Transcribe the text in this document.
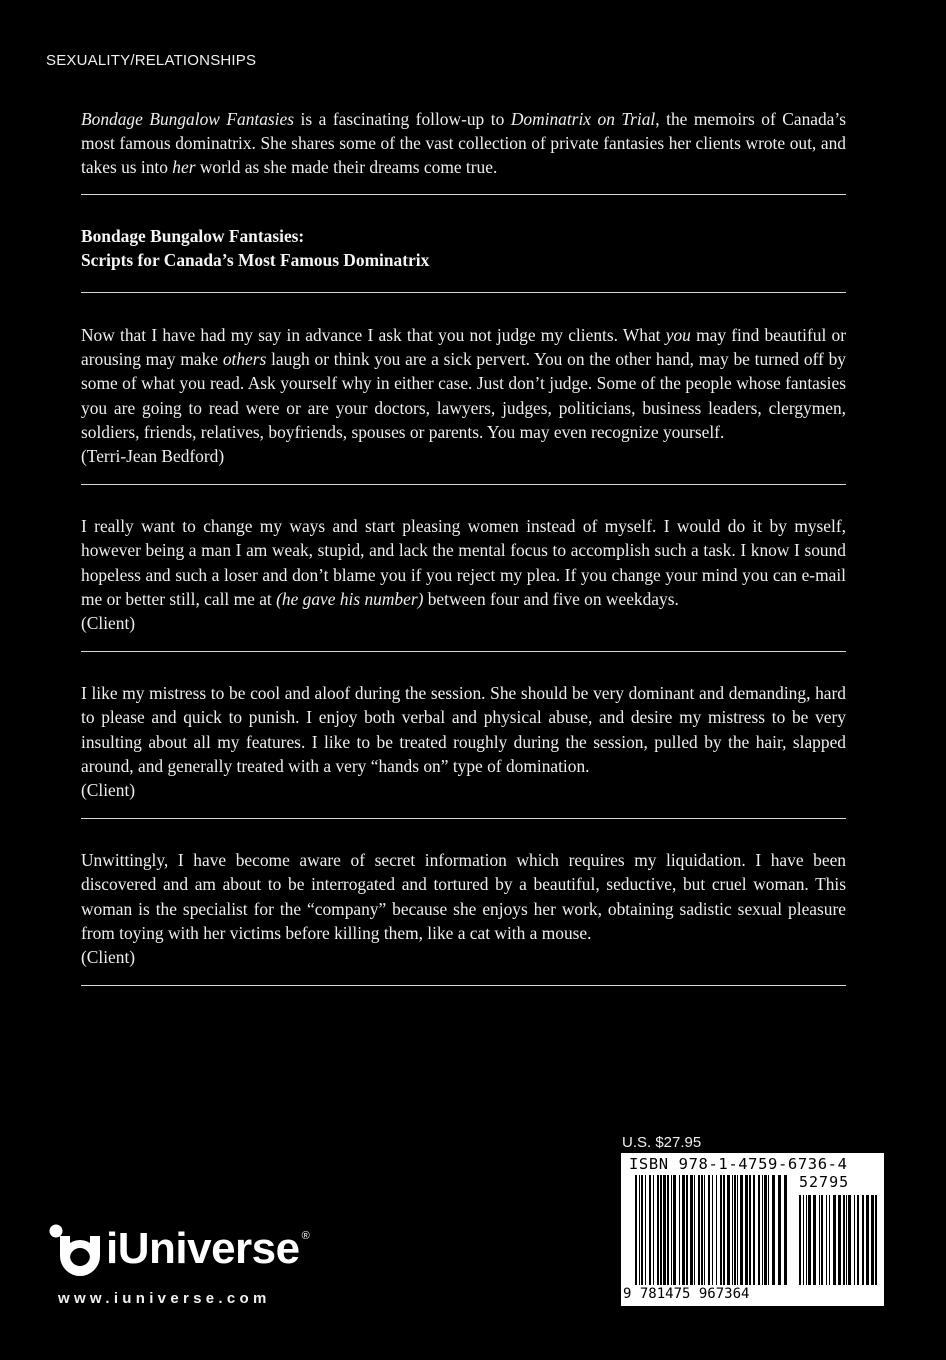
SEXUALITY/RELATIONSHIPS

Bondage Bungalow Fantasies is a fascinating follow-up to Dominatrix on Trial, the memoirs of Canada’s most famous dominatrix. She shares some of the vast collection of private fantasies her clients wrote out, and takes us into her world as she made their dreams come true.

Bondage Bungalow Fantasies:
Scripts for Canada’s Most Famous Dominatrix

Now that I have had my say in advance I ask that you not judge my clients. What you may find beautiful or arousing may make others laugh or think you are a sick pervert. You on the other hand, may be turned off by some of what you read. Ask yourself why in either case. Just don’t judge. Some of the people whose fantasies you are going to read were or are your doctors, lawyers, judges, politicians, business leaders, clergymen, soldiers, friends, relatives, boyfriends, spouses or parents. You may even recognize yourself.
(Terri-Jean Bedford)

I really want to change my ways and start pleasing women instead of myself. I would do it by myself, however being a man I am weak, stupid, and lack the mental focus to accomplish such a task. I know I sound hopeless and such a loser and don’t blame you if you reject my plea. If you change your mind you can e-mail me or better still, call me at (he gave his number) between four and five on weekdays.
(Client)

I like my mistress to be cool and aloof during the session. She should be very dominant and demanding, hard to please and quick to punish. I enjoy both verbal and physical abuse, and desire my mistress to be very insulting about all my features. I like to be treated roughly during the session, pulled by the hair, slapped around, and generally treated with a very “hands on” type of domination.
(Client)

Unwittingly, I have become aware of secret information which requires my liquidation. I have been discovered and am about to be interrogated and tortured by a beautiful, seductive, but cruel woman. This woman is the specialist for the “company” because she enjoys her work, obtaining sadistic sexual pleasure from toying with her victims before killing them, like a cat with a mouse.
(Client)

U.S. $27.95
ISBN 978-1-4759-6736-4
52795
9 781475 967364
iUniverse ®
www.iuniverse.com
